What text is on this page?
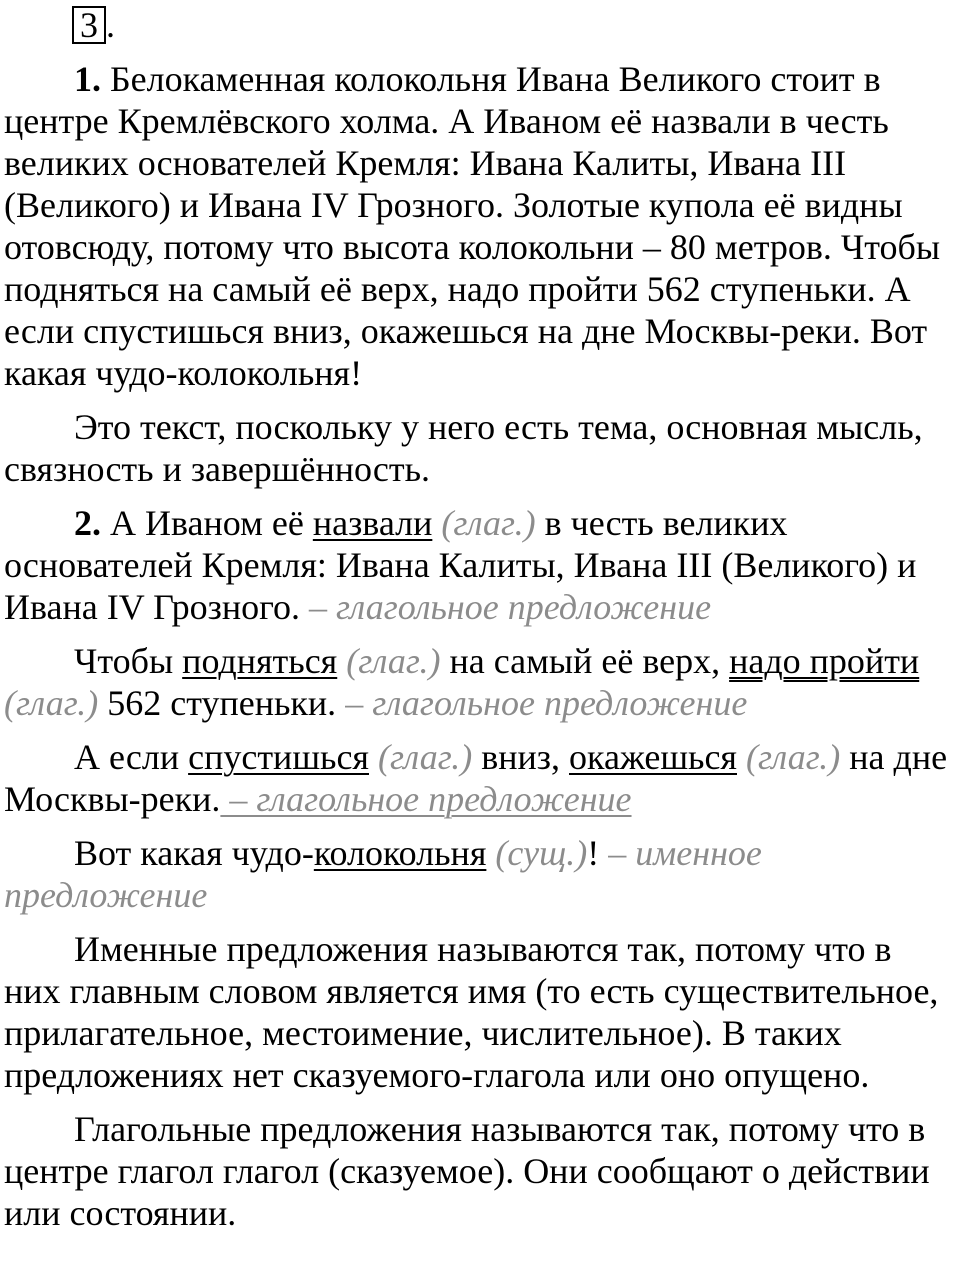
3 .

1. Белокаменная колокольня Ивана Великого стоит в центре Кремлёвского холма. А Иваном её назвали в честь великих основателей Кремля: Ивана Калиты, Ивана III (Великого) и Ивана IV Грозного. Золотые купола её видны отовсюду, потому что высота колокольни – 80 метров. Чтобы подняться на самый её верх, надо пройти 562 ступеньки. А если спустишься вниз, окажешься на дне Москвы-реки. Вот какая чудо-колокольня!

Это текст, поскольку у него есть тема, основная мысль, связность и завершённость.

2. А Иваном её назвали (глаг.) в честь великих основателей Кремля: Ивана Калиты, Ивана III (Великого) и Ивана IV Грозного. – глагольное предложение

Чтобы подняться (глаг.) на самый её верх, надо пройти (глаг.) 562 ступеньки. – глагольное предложение

А если спустишься (глаг.) вниз, окажешься (глаг.) на дне Москвы-реки. – глагольное предложение

Вот какая чудо-колокольня (сущ.)! – именное предложение

Именные предложения называются так, потому что в них главным словом является имя (то есть существительное, прилагательное, местоимение, числительное). В таких предложениях нет сказуемого-глагола или оно опущено.

Глагольные предложения называются так, потому что в центре глагол глагол (сказуемое). Они сообщают о действии или состоянии.
